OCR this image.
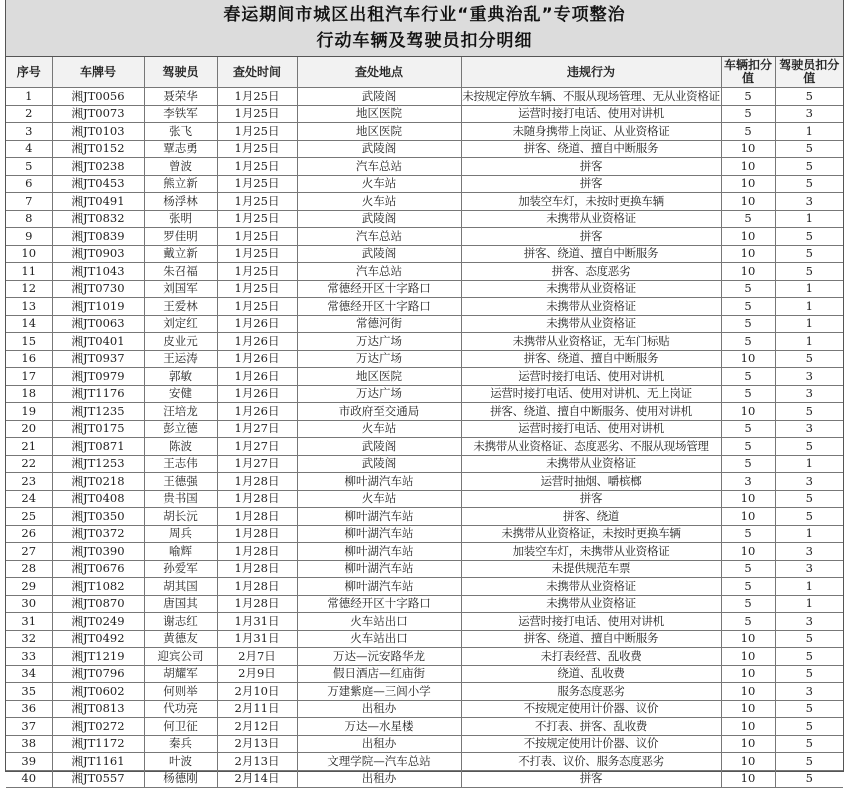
春运期间市城区出租汽车行业“重典治乱”专项整治
行动车辆及驾驶员扣分明细
序号	车牌号	驾驶员	查处时间	查处地点	违规行为	车辆扣分值	驾驶员扣分值
1	湘JT0056	聂荣华	1月25日	武陵阁	未按规定停放车辆、不服从现场管理、无从业资格证	5	5
2	湘JT0073	李铁军	1月25日	地区医院	运营时接打电话、使用对讲机	5	3
3	湘JT0103	张飞	1月25日	地区医院	未随身携带上岗证、从业资格证	5	1
4	湘JT0152	覃志勇	1月25日	武陵阁	拼客、绕道、擅自中断服务	10	5
5	湘JT0238	曾波	1月25日	汽车总站	拼客	10	5
6	湘JT0453	熊立新	1月25日	火车站	拼客	10	5
7	湘JT0491	杨浮林	1月25日	火车站	加装空车灯，未按时更换车辆	10	3
8	湘JT0832	张明	1月25日	武陵阁	未携带从业资格证	5	1
9	湘JT0839	罗佳明	1月25日	汽车总站	拼客	10	5
10	湘JT0903	戴立新	1月25日	武陵阁	拼客、绕道、擅自中断服务	10	5
11	湘JT1043	朱召福	1月25日	汽车总站	拼客、态度恶劣	10	5
12	湘JT0730	刘国军	1月25日	常德经开区十字路口	未携带从业资格证	5	1
13	湘JT1019	王爱林	1月25日	常德经开区十字路口	未携带从业资格证	5	1
14	湘JT0063	刘定红	1月26日	常德河街	未携带从业资格证	5	1
15	湘JT0401	皮业元	1月26日	万达广场	未携带从业资格证，无车门标贴	5	1
16	湘JT0937	王运涛	1月26日	万达广场	拼客、绕道、擅自中断服务	10	5
17	湘JT0979	郭敏	1月26日	地区医院	运营时接打电话、使用对讲机	5	3
18	湘JT1176	安健	1月26日	万达广场	运营时接打电话、使用对讲机、无上岗证	5	3
19	湘JT1235	汪培龙	1月26日	市政府至交通局	拼客、绕道、擅自中断服务、使用对讲机	10	5
20	湘JT0175	彭立德	1月27日	火车站	运营时接打电话、使用对讲机	5	3
21	湘JT0871	陈波	1月27日	武陵阁	未携带从业资格证、态度恶劣、不服从现场管理	5	5
22	湘JT1253	王志伟	1月27日	武陵阁	未携带从业资格证	5	1
23	湘JT0218	王德强	1月28日	柳叶湖汽车站	运营时抽烟、嚼槟榔	3	3
24	湘JT0408	贵书国	1月28日	火车站	拼客	10	5
25	湘JT0350	胡长沅	1月28日	柳叶湖汽车站	拼客、绕道	10	5
26	湘JT0372	周兵	1月28日	柳叶湖汽车站	未携带从业资格证，未按时更换车辆	5	1
27	湘JT0390	喻辉	1月28日	柳叶湖汽车站	加装空车灯，未携带从业资格证	10	3
28	湘JT0676	孙爱军	1月28日	柳叶湖汽车站	未提供规范车票	5	3
29	湘JT1082	胡其国	1月28日	柳叶湖汽车站	未携带从业资格证	5	1
30	湘JT0870	唐国其	1月28日	常德经开区十字路口	未携带从业资格证	5	1
31	湘JT0249	谢志红	1月31日	火车站出口	运营时接打电话、使用对讲机	5	3
32	湘JT0492	黄德友	1月31日	火车站出口	拼客、绕道、擅自中断服务	10	5
33	湘JT1219	迎宾公司	2月7日	万达—沅安路华龙	未打表经营、乱收费	10	5
34	湘JT0796	胡耀军	2月9日	假日酒店—红庙街	绕道、乱收费	10	5
35	湘JT0602	何则举	2月10日	万建紫庭—三闾小学	服务态度恶劣	10	3
36	湘JT0813	代功亮	2月11日	出租办	不按规定使用计价器、议价	10	5
37	湘JT0272	何卫征	2月12日	万达—水星楼	不打表、拼客、乱收费	10	5
38	湘JT1172	秦兵	2月13日	出租办	不按规定使用计价器、议价	10	5
39	湘JT1161	叶波	2月13日	文理学院—汽车总站	不打表、议价、服务态度恶劣	10	5
40	湘JT0557	杨德刚	2月14日	出租办	拼客	10	5
